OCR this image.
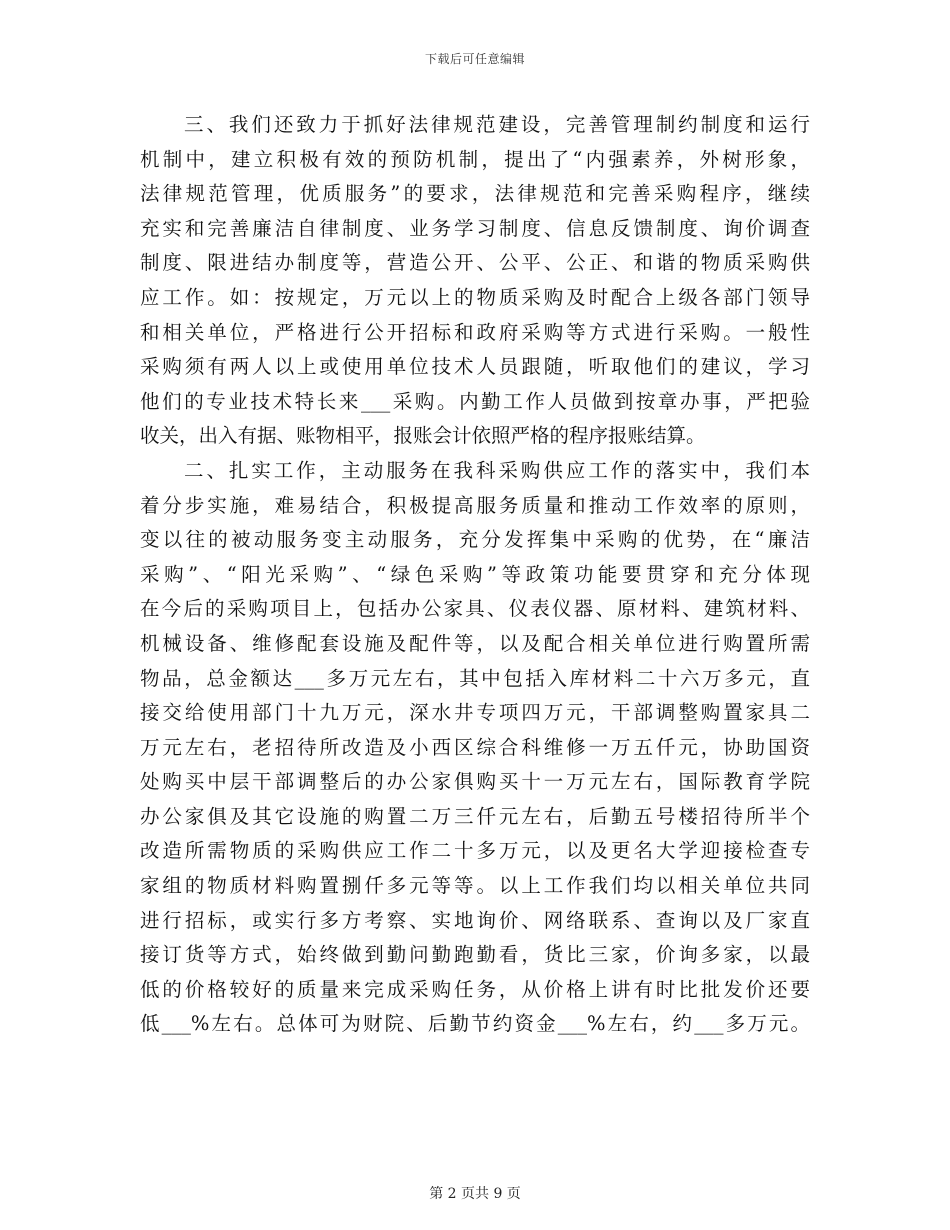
下载后可任意编辑
三、我们还致力于抓好法律规范建设，完善管理制约制度和运行
机制中，建立积极有效的预防机制，提出了“内强素养，外树形象，
法律规范管理，优质服务”的要求，法律规范和完善采购程序，继续
充实和完善廉洁自律制度、业务学习制度、信息反馈制度、询价调查
制度、限进结办制度等，营造公开、公平、公正、和谐的物质采购供
应工作。如：按规定，万元以上的物质采购及时配合上级各部门领导
和相关单位，严格进行公开招标和政府采购等方式进行采购。一般性
采购须有两人以上或使用单位技术人员跟随，听取他们的建议，学习
他们的专业技术特长来___采购。内勤工作人员做到按章办事，严把验
收关，出入有据、账物相平，报账会计依照严格的程序报账结算。
二、扎实工作，主动服务在我科采购供应工作的落实中，我们本
着分步实施，难易结合，积极提高服务质量和推动工作效率的原则，
变以往的被动服务变主动服务，充分发挥集中采购的优势，在“廉洁
采购”、“阳光采购”、“绿色采购”等政策功能要贯穿和充分体现
在今后的采购项目上，包括办公家具、仪表仪器、原材料、建筑材料、
机械设备、维修配套设施及配件等，以及配合相关单位进行购置所需
物品，总金额达___多万元左右，其中包括入库材料二十六万多元，直
接交给使用部门十九万元，深水井专项四万元，干部调整购置家具二
万元左右，老招待所改造及小西区综合科维修一万五仟元，协助国资
处购买中层干部调整后的办公家俱购买十一万元左右，国际教育学院
办公家俱及其它设施的购置二万三仟元左右，后勤五号楼招待所半个
改造所需物质的采购供应工作二十多万元，以及更名大学迎接检查专
家组的物质材料购置捌仟多元等等。以上工作我们均以相关单位共同
进行招标，或实行多方考察、实地询价、网络联系、查询以及厂家直
接订货等方式，始终做到勤问勤跑勤看，货比三家，价询多家，以最
低的价格较好的质量来完成采购任务，从价格上讲有时比批发价还要
低___%左右。总体可为财院、后勤节约资金___%左右，约___多万元。
第 2 页共 9 页
